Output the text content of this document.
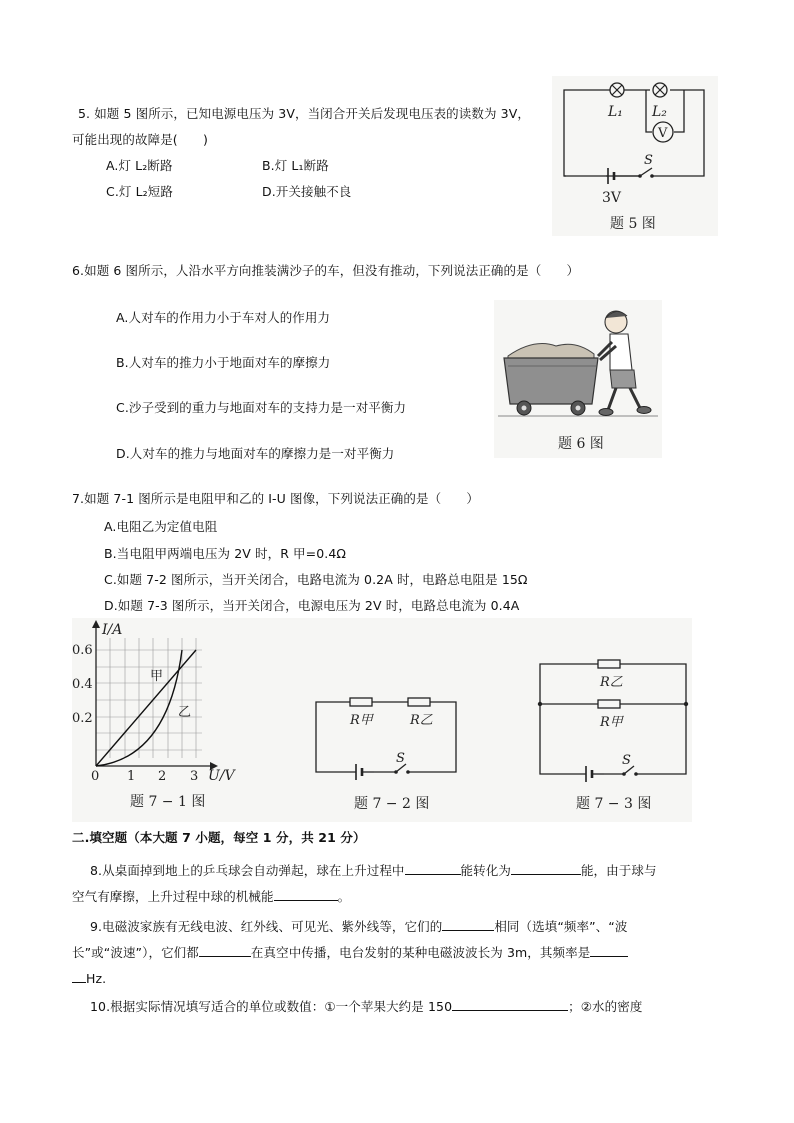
5. 如题 5 图所示，已知电源电压为 3V，当闭合开关后发现电压表的读数为 3V，
可能出现的故障是(　　)
A.灯 L₂断路	B.灯 L₁断路
C.灯 L₂短路	D.开关接触不良
V
L₁ L₂
S
3V
题 5 图
6.如题 6 图所示，人沿水平方向推装满沙子的车，但没有推动，下列说法正确的是（　　）
A.人对车的作用力小于车对人的作用力
B.人对车的推力小于地面对车的摩擦力
C.沙子受到的重力与地面对车的支持力是一对平衡力
D.人对车的推力与地面对车的摩擦力是一对平衡力
题 6 图
7.如题 7-1 图所示是电阻甲和乙的 I-U 图像，下列说法正确的是（　　）
A.电阻乙为定值电阻
B.当电阻甲两端电压为 2V 时，R 甲=0.4Ω
C.如题 7-2 图所示，当开关闭合，电路电流为 0.2A 时，电路总电阻是 15Ω
D.如题 7-3 图所示，当开关闭合，电源电压为 2V 时，电路总电流为 0.4A
甲
乙
I/A
U/V
0.6
0.4
0.2
0 1 2 3
题 7 − 1 图
R甲	R乙
S
题 7 − 2 图
R乙
R甲
S
题 7 − 3 图
二.填空题（本大题 7 小题，每空 1 分，共 21 分）
8.从桌面掉到地上的乒乓球会自动弹起，球在上升过程中	能转化为	能，由于球与
空气有摩擦，上升过程中球的机械能	。
9.电磁波家族有无线电波、红外线、可见光、紫外线等，它们的	相同（选填“频率”、“波
长”或“波速”），它们都	在真空中传播，电台发射的某种电磁波波长为 3m，其频率是
Hz.
10.根据实际情况填写适合的单位或数值：①一个苹果大约是 150	；②水的密度
